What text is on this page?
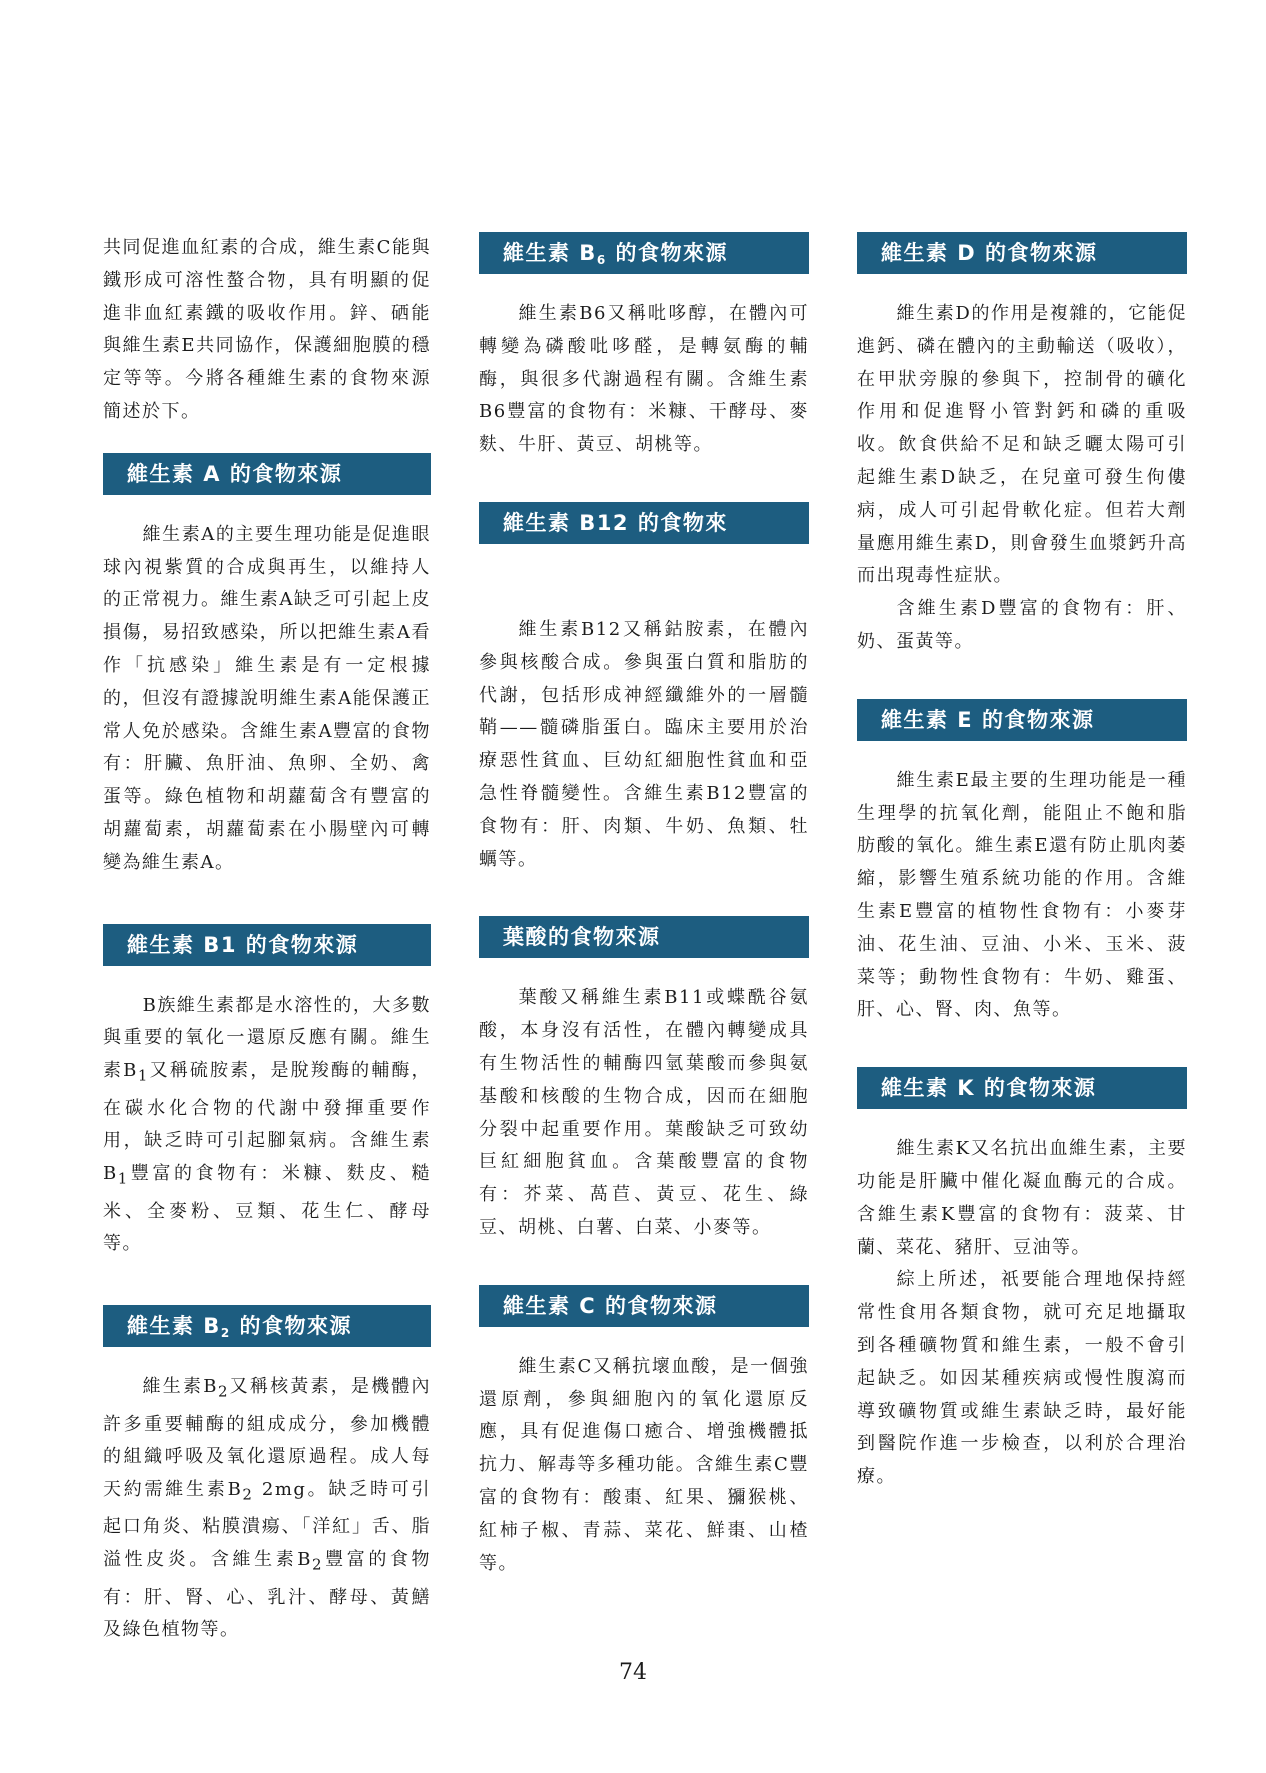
共同促進血紅素的合成，維生素C能與鐵形成可溶性螯合物，具有明顯的促進非血紅素鐵的吸收作用。鋅、硒能與維生素E共同協作，保護細胞膜的穩定等等。今將各種維生素的食物來源簡述於下。

維生素 A 的食物來源

維生素A的主要生理功能是促進眼球內視紫質的合成與再生，以維持人的正常視力。維生素A缺乏可引起上皮損傷，易招致感染，所以把維生素A看作「抗感染」維生素是有一定根據的，但沒有證據說明維生素A能保護正常人免於感染。含維生素A豐富的食物有：肝臟、魚肝油、魚卵、全奶、禽蛋等。綠色植物和胡蘿蔔含有豐富的胡蘿蔔素，胡蘿蔔素在小腸壁內可轉變為維生素A。

維生素 B1 的食物來源

B族維生素都是水溶性的，大多數與重要的氧化一還原反應有關。維生素$B_1$又稱硫胺素，是脫羧酶的輔酶，在碳水化合物的代謝中發揮重要作用，缺乏時可引起腳氣病。含維生素$B_1$豐富的食物有：米糠、麩皮、糙米、全麥粉、豆類、花生仁、酵母等。

維生素 $B_2$ 的食物來源

維生素$B_2$又稱核黃素，是機體內許多重要輔酶的組成成分，參加機體的組織呼吸及氧化還原過程。成人每天約需維生素$B_2$ 2mg。缺乏時可引起口角炎、粘膜潰瘍、「洋紅」舌、脂溢性皮炎。含維生素$B_2$豐富的食物有：肝、腎、心、乳汁、酵母、黃鱔及綠色植物等。

維生素 $B_6$ 的食物來源

維生素B6又稱吡哆醇，在體內可轉變為磷酸吡哆醛，是轉氨酶的輔酶，與很多代謝過程有關。含維生素B6豐富的食物有：米糠、干酵母、麥麩、牛肝、黃豆、胡桃等。

維生素 B12 的食物來

維生素B12又稱鈷胺素，在體內參與核酸合成。參與蛋白質和脂肪的代謝，包括形成神經纖維外的一層髓鞘——髓磷脂蛋白。臨床主要用於治療惡性貧血、巨幼紅細胞性貧血和亞急性脊髓變性。含維生素B12豐富的食物有：肝、肉類、牛奶、魚類、牡蠣等。

葉酸的食物來源

葉酸又稱維生素B11或蝶酰谷氨酸，本身沒有活性，在體內轉變成具有生物活性的輔酶四氫葉酸而參與氨基酸和核酸的生物合成，因而在細胞分裂中起重要作用。葉酸缺乏可致幼巨紅細胞貧血。含葉酸豐富的食物有：芥菜、萵苣、黃豆、花生、綠豆、胡桃、白薯、白菜、小麥等。

維生素 C 的食物來源

維生素C又稱抗壞血酸，是一個強還原劑，參與細胞內的氧化還原反應，具有促進傷口癒合、增強機體抵抗力、解毒等多種功能。含維生素C豐富的食物有：酸棗、紅果、獼猴桃、紅柿子椒、青蒜、菜花、鮮棗、山楂等。

維生素 D 的食物來源

維生素D的作用是複雜的，它能促進鈣、磷在體內的主動輸送（吸收），在甲狀旁腺的參與下，控制骨的礦化作用和促進腎小管對鈣和磷的重吸收。飲食供給不足和缺乏曬太陽可引起維生素D缺乏，在兒童可發生佝僂病，成人可引起骨軟化症。但若大劑量應用維生素D，則會發生血漿鈣升高而出現毒性症狀。

含維生素D豐富的食物有：肝、奶、蛋黃等。

維生素 E 的食物來源

維生素E最主要的生理功能是一種生理學的抗氧化劑，能阻止不飽和脂肪酸的氧化。維生素E還有防止肌肉萎縮，影響生殖系統功能的作用。含維生素E豐富的植物性食物有：小麥芽油、花生油、豆油、小米、玉米、菠菜等；動物性食物有：牛奶、雞蛋、肝、心、腎、肉、魚等。

維生素 K 的食物來源

維生素K又名抗出血維生素，主要功能是肝臟中催化凝血酶元的合成。含維生素K豐富的食物有：菠菜、甘蘭、菜花、豬肝、豆油等。

綜上所述，祇要能合理地保持經常性食用各類食物，就可充足地攝取到各種礦物質和維生素，一般不會引起缺乏。如因某種疾病或慢性腹瀉而導致礦物質或維生素缺乏時，最好能到醫院作進一步檢查，以利於合理治療。

74
